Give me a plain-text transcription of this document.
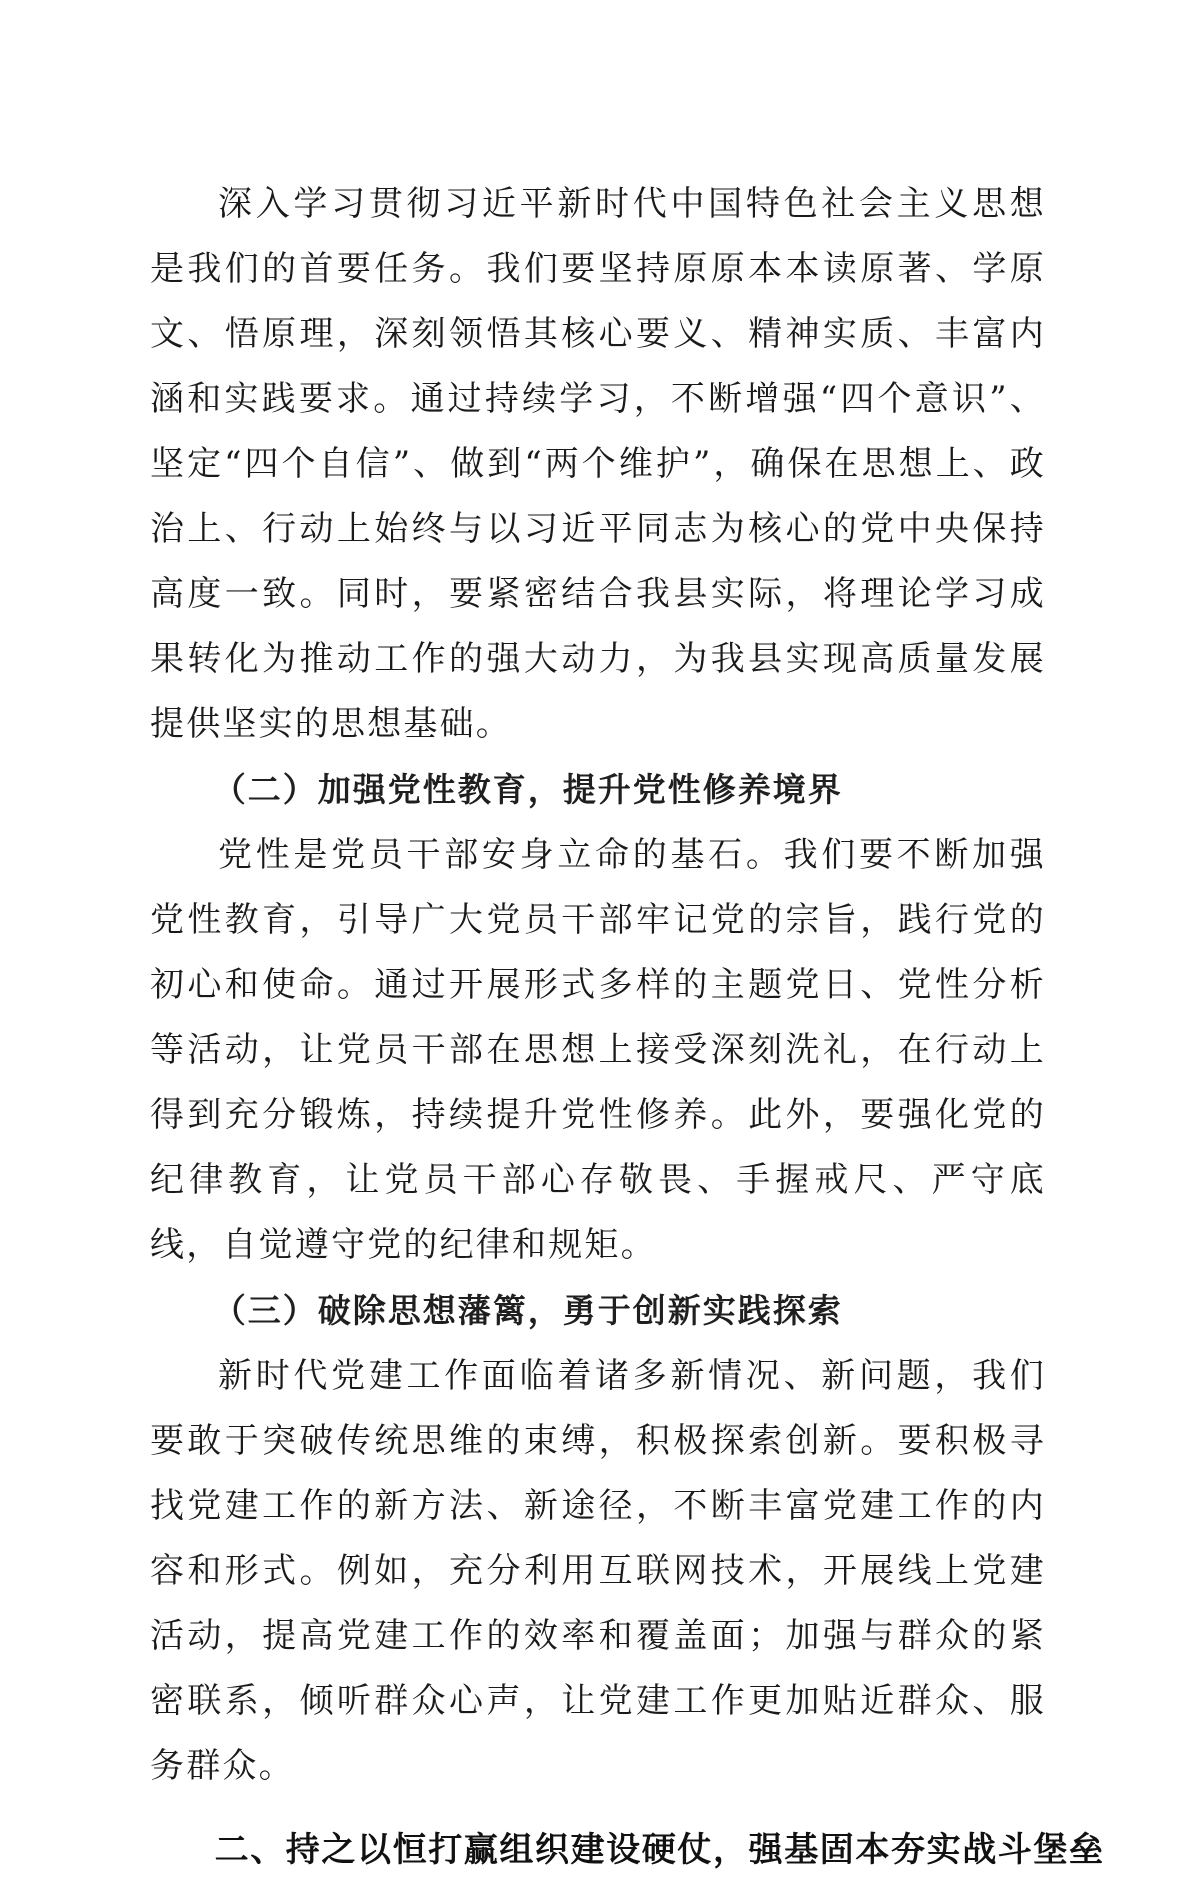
深入学习贯彻习近平新时代中国特色社会主义思想是我们的首要任务。我们要坚持原原本本读原著、学原文、悟原理，深刻领悟其核心要义、精神实质、丰富内涵和实践要求。通过持续学习，不断增强“四个意识”、坚定“四个自信”、做到“两个维护”，确保在思想上、政治上、行动上始终与以习近平同志为核心的党中央保持高度一致。同时，要紧密结合我县实际，将理论学习成果转化为推动工作的强大动力，为我县实现高质量发展提供坚实的思想基础。

（二）加强党性教育，提升党性修养境界

党性是党员干部安身立命的基石。我们要不断加强党性教育，引导广大党员干部牢记党的宗旨，践行党的初心和使命。通过开展形式多样的主题党日、党性分析等活动，让党员干部在思想上接受深刻洗礼，在行动上得到充分锻炼，持续提升党性修养。此外，要强化党的纪律教育，让党员干部心存敬畏、手握戒尺、严守底线，自觉遵守党的纪律和规矩。

（三）破除思想藩篱，勇于创新实践探索

新时代党建工作面临着诸多新情况、新问题，我们要敢于突破传统思维的束缚，积极探索创新。要积极寻找党建工作的新方法、新途径，不断丰富党建工作的内容和形式。例如，充分利用互联网技术，开展线上党建活动，提高党建工作的效率和覆盖面；加强与群众的紧密联系，倾听群众心声，让党建工作更加贴近群众、服务群众。

二、持之以恒打赢组织建设硬仗，强基固本夯实战斗堡垒
